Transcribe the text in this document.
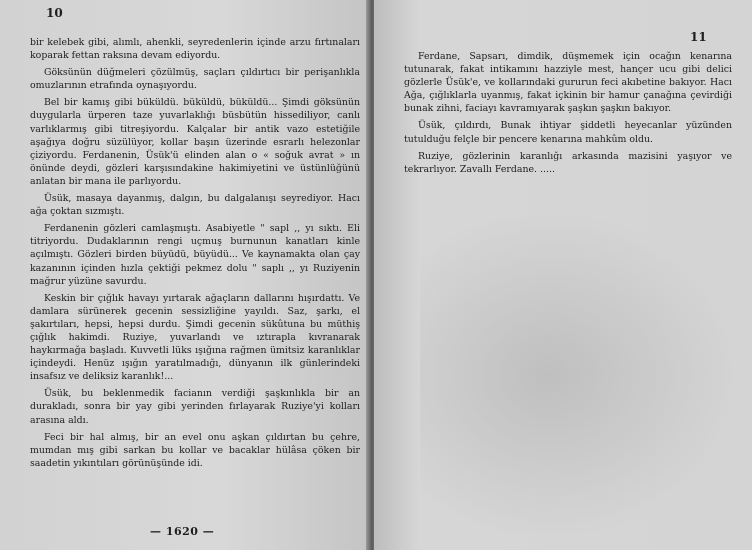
10

bir kelebek gibi, alımlı, ahenkli, seyredenlerin içinde arzu fırtınaları koparak fettan raksına devam ediyordu.

Göksünün düğmeleri çözülmüş, saçları çıldırtıcı bir perişanlıkla omuzlarının etrafında oynaşıyordu.

Bel bir kamış gibi büküldü. büküldü, büküldü... Şimdi göksünün duygularla ürperen taze yuvarlaklığı büsbütün hissediliyor, canlı varlıklarmış gibi titreşiyordu. Kalçalar bir antik vazo estetiğile aşağıya doğru süzülüyor, kollar başın üzerinde esrarlı helezonlar çiziyordu. Ferdanenin, Üsük'ü elinden alan o « soğuk avrat » ın önünde deydi, gözleri karşısındakine hakimiyetini ve üstünlüğünü anlatan bir mana ile parlıyordu.

Üsük, masaya dayanmış, dalgın, bu dalgalanışı seyrediyor. Hacı ağa çoktan sızmıştı.

Ferdanenin gözleri camlaşmıştı. Asabiyetle " sapl ,, yı sıktı. Eli titriyordu. Dudaklarının rengi uçmuş burnunun kanatları kinle açılmıştı. Gözleri birden büyüdü, büyüdü... Ve kaynamakta olan çay kazanının içinden hızla çektiği pekmez dolu " saplı ,, yı Ruziyenin mağrur yüzüne savurdu.

Keskin bir çığlık havayı yırtarak ağaçların dallarını hışırdattı. Ve damlara sürünerek gecenin sessizliğine yayıldı. Saz, şarkı, el şakırtıları, hepsi, hepsi durdu. Şimdi gecenin sükûtuna bu müthiş çığlık hakimdi. Ruziye, yuvarlandı ve ıztırapla kıvranarak haykırmağa başladı. Kuvvetli lüks ışığına rağmen ümitsiz karanlıklar içindeydi. Henüz ışığın yaratılmadığı, dünyanın ilk günlerindeki insafsız ve deliksiz karanlık!...

Üsük, bu beklenmedik facianın verdiği şaşkınlıkla bir an durakladı, sonra bir yay gibi yerinden fırlayarak Ruziye'yi kolları arasına aldı.

Feci bir hal almış, bir an evel onu aşkan çıldırtan bu çehre, mumdan mış gibi sarkan bu kollar ve bacaklar hülâsa çöken bir saadetin yıkıntıları görünüşünde idi.

— 1620 —
11

Ferdane, Sapsarı, dimdik, düşmemek için ocağın kenarına tutunarak, fakat intikamını hazziyle mest, hançer ucu gibi delici gözlerle Üsük'e, ve kollarındaki gururun feci akıbetine bakıyor. Hacı Ağa, çığlıklarla uyanmış, fakat içkinin bir hamur çanağına çevirdiği bunak zihni, faciayı kavramıyarak şaşkın şaşkın bakıyor.

Üsük, çıldırdı, Bunak ihtiyar şiddetli heyecanlar yüzünden tutulduğu felçle bir pencere kenarına mahkûm oldu.

Ruziye, gözlerinin karanlığı arkasında mazisini yaşıyor ve tekrarlıyor. Zavallı Ferdane. .....
